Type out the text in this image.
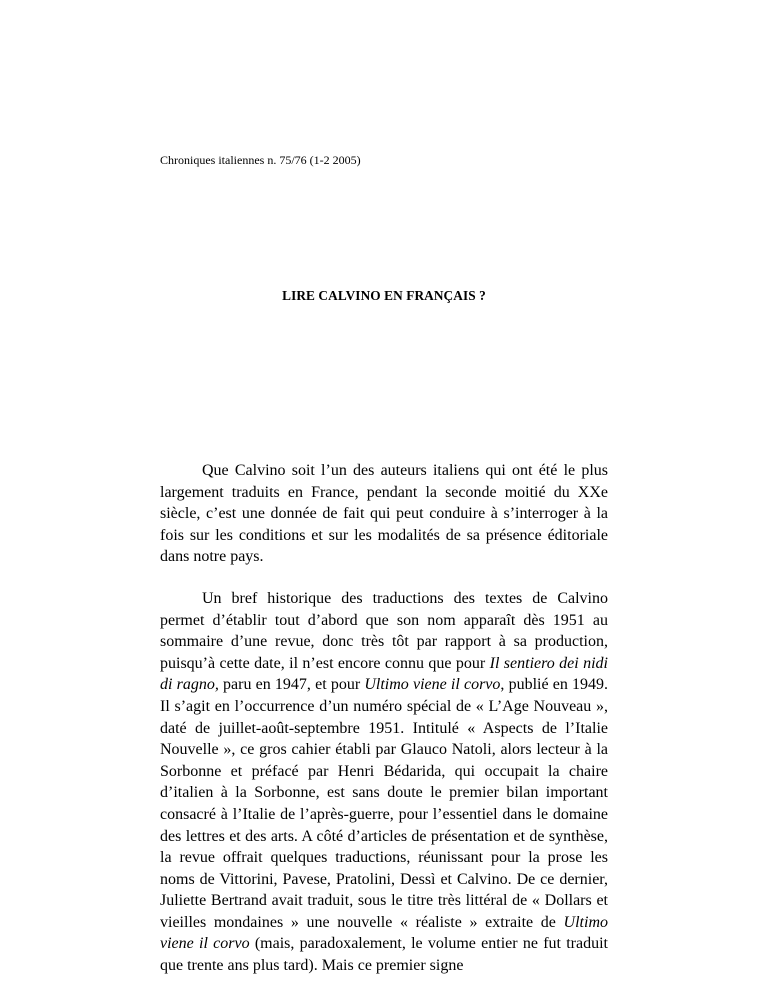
Chroniques italiennes n. 75/76 (1-2 2005)
LIRE CALVINO EN FRANÇAIS ?

Que Calvino soit l’un des auteurs italiens qui ont été le plus largement traduits en France, pendant la seconde moitié du XXe siècle, c’est une donnée de fait qui peut conduire à s’interroger à la fois sur les conditions et sur les modalités de sa présence éditoriale dans notre pays.

Un bref historique des traductions des textes de Calvino permet d’établir tout d’abord que son nom apparaît dès 1951 au sommaire d’une revue, donc très tôt par rapport à sa production, puisqu’à cette date, il n’est encore connu que pour Il sentiero dei nidi di ragno, paru en 1947, et pour Ultimo viene il corvo, publié en 1949. Il s’agit en l’occurrence d’un numéro spécial de « L’Age Nouveau », daté de juillet-août-septembre 1951. Intitulé « Aspects de l’Italie Nouvelle », ce gros cahier établi par Glauco Natoli, alors lecteur à la Sorbonne et préfacé par Henri Bédarida, qui occupait la chaire d’italien à la Sorbonne, est sans doute le premier bilan important consacré à l’Italie de l’après-guerre, pour l’essentiel dans le domaine des lettres et des arts. A côté d’articles de présentation et de synthèse, la revue offrait quelques traductions, réunissant pour la prose les noms de Vittorini, Pavese, Pratolini, Dessì et Calvino. De ce dernier, Juliette Bertrand avait traduit, sous le titre très littéral de « Dollars et vieilles mondaines » une nouvelle « réaliste » extraite de Ultimo viene il corvo (mais, paradoxalement, le volume entier ne fut traduit que trente ans plus tard). Mais ce premier signe
